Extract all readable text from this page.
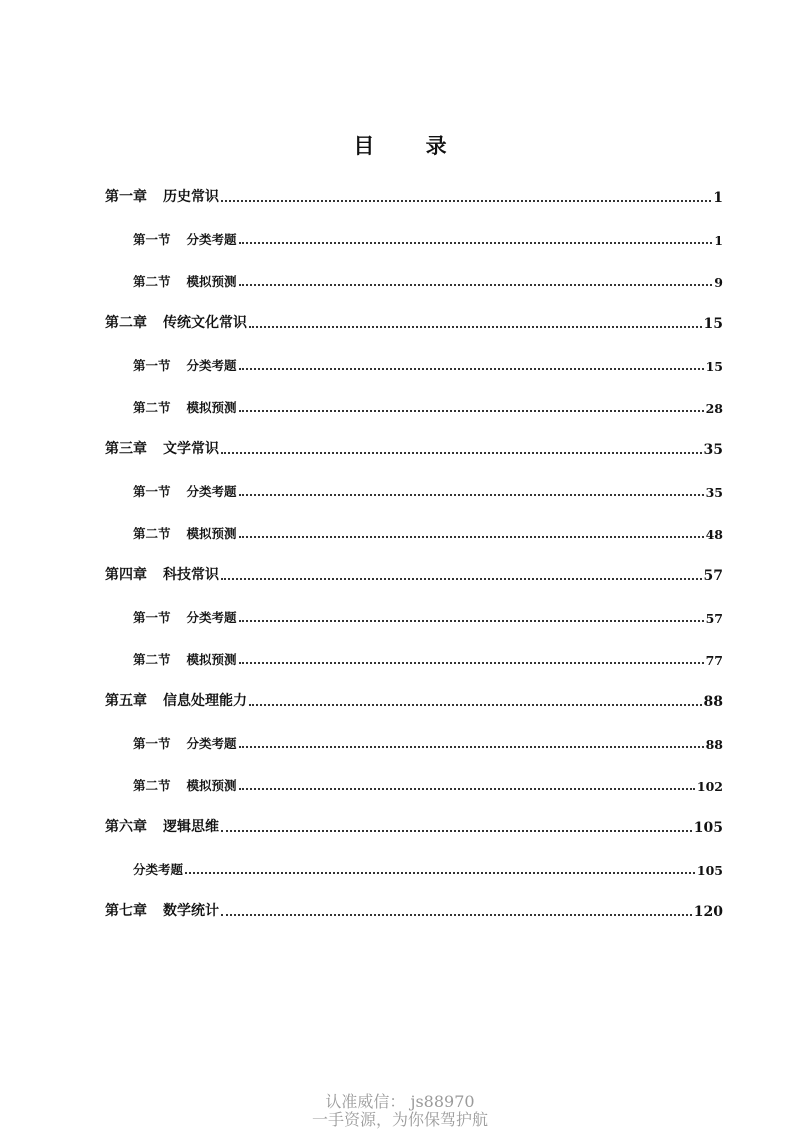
目 录
第一章 历史常识	1
第一节 分类考题	1
第二节 模拟预测	9
第二章 传统文化常识	15
第一节 分类考题	15
第二节 模拟预测	28
第三章 文学常识	35
第一节 分类考题	35
第二节 模拟预测	48
第四章 科技常识	57
第一节 分类考题	57
第二节 模拟预测	77
第五章 信息处理能力	88
第一节 分类考题	88
第二节 模拟预测	102
第六章 逻辑思维	105
分类考题	105
第七章 数学统计	120
认准威信： js88970
一手资源，为你保驾护航
